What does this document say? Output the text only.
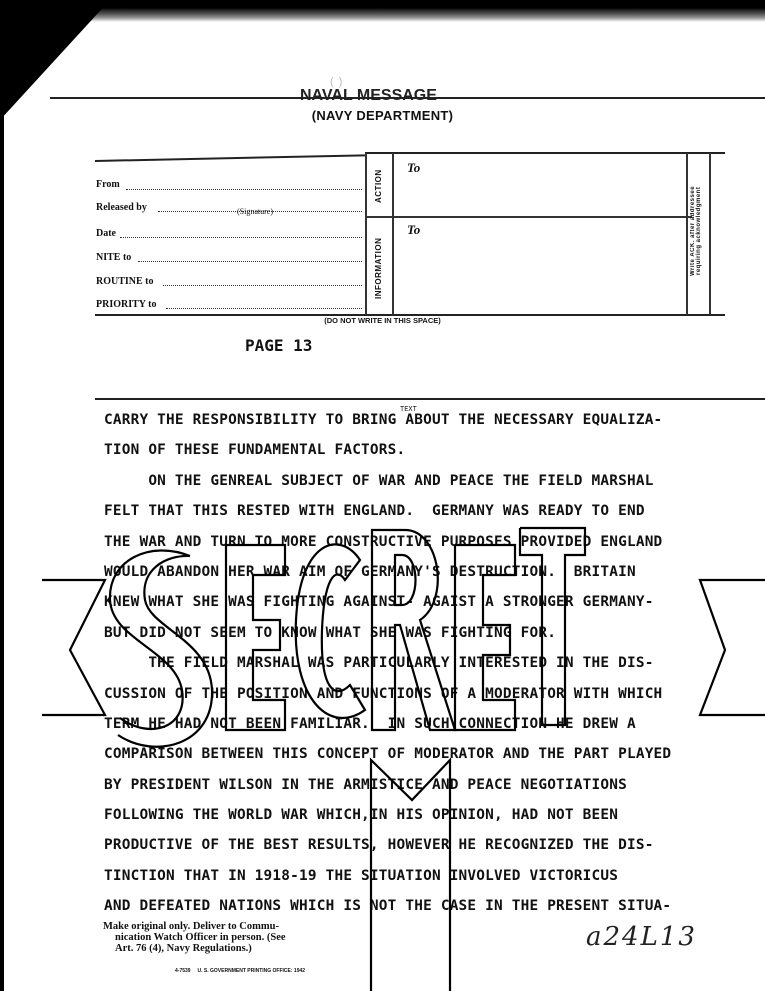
( )
NAVAL MESSAGE
(NAVY DEPARTMENT)
From
Released by	(Signature)
Date
NITE to
ROUTINE to
PRIORITY to
ACTION
INFORMATION
To
To	Write ACK. after addressee requiring acknowledgment
(DO NOT WRITE IN THIS SPACE)
PAGE 13
TEXT
CARRY THE RESPONSIBILITY TO BRING ABOUT THE NECESSARY EQUALIZA-
TION OF THESE FUNDAMENTAL FACTORS.
ON THE GENREAL SUBJECT OF WAR AND PEACE THE FIELD MARSHAL
FELT THAT THIS RESTED WITH ENGLAND.  GERMANY WAS READY TO END
THE WAR AND TURN TO MORE CONSTRUCTIVE PURPOSES PROVIDED ENGLAND
WOULD ABANDON HER WAR AIM OF GERMANY'S DESTRUCTION.  BRITAIN
KNEW WHAT SHE WAS FIGHTING AGAINST- AGAIST A STRONGER GERMANY-
BUT DID NOT SEEM TO KNOW WHAT SHE WAS FIGHTING FOR.
THE FIELD MARSHAL WAS PARTICULARLY INTERESTED IN THE DIS-
CUSSION OF THE POSITION AND FUNCTIONS OF A MODERATOR WITH WHICH
TERM HE HAD NOT BEEN FAMILIAR.  IN SUCH CONNECTION HE DREW A
COMPARISON BETWEEN THIS CONCEPT OF MODERATOR AND THE PART PLAYED
BY PRESIDENT WILSON IN THE ARMISTICE AND PEACE NEGOTIATIONS
FOLLOWING THE WORLD WAR WHICH,IN HIS OPINION, HAD NOT BEEN
PRODUCTIVE OF THE BEST RESULTS, HOWEVER HE RECOGNIZED THE DIS-
TINCTION THAT IN 1918-19 THE SITUATION INVOLVED VICTORICUS
AND DEFEATED NATIONS WHICH IS NOT THE CASE IN THE PRESENT SITUA-
Make original only. Deliver to Commu-
nication Watch Officer in person. (See
Art. 76 (4), Navy Regulations.)
4-7539 U. S. GOVERNMENT PRINTING OFFICE: 1942
a24L13
